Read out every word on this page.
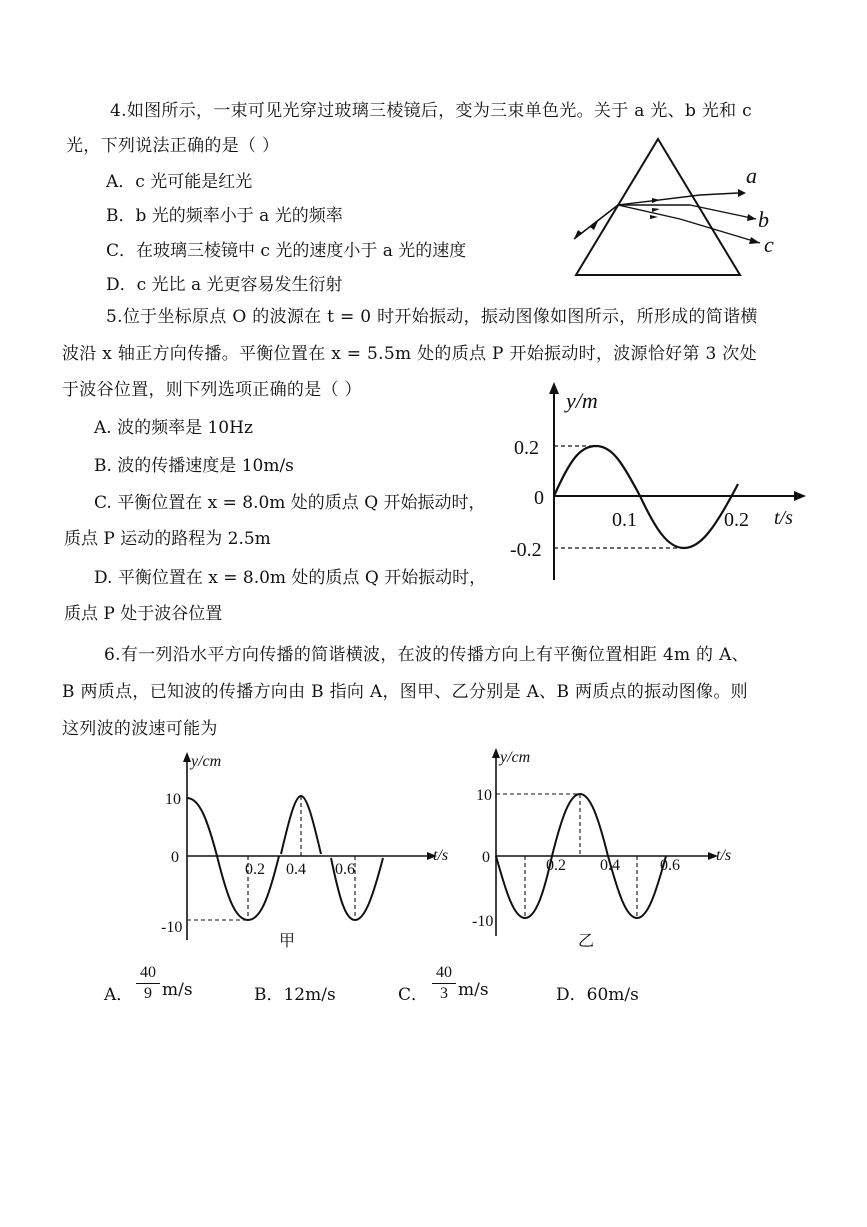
4.如图所示，一束可见光穿过玻璃三棱镜后，变为三束单色光。关于 a 光、b 光和 c
光，下列说法正确的是（ ）
A．c 光可能是红光
B．b 光的频率小于 a 光的频率
C．在玻璃三棱镜中 c 光的速度小于 a 光的速度
D．c 光比 a 光更容易发生衍射
a
b
c
5.位于坐标原点 O 的波源在 t = 0 时开始振动，振动图像如图所示，所形成的简谐横
波沿 x 轴正方向传播。平衡位置在 x = 5.5m 处的质点 P 开始振动时，波源恰好第 3 次处
于波谷位置，则下列选项正确的是（ ）
A. 波的频率是 10Hz
B. 波的传播速度是 10m/s
C. 平衡位置在 x = 8.0m 处的质点 Q 开始振动时，
质点 P 运动的路程为 2.5m
D. 平衡位置在 x = 8.0m 处的质点 Q 开始振动时，
质点 P 处于波谷位置
y/m
t/s
0.2
0
-0.2
0.1	0.2
6.有一列沿水平方向传播的简谐横波，在波的传播方向上有平衡位置相距 4m 的 A、
B 两质点，已知波的传播方向由 B 指向 A，图甲、乙分别是 A、B 两质点的振动图像。则
这列波的波速可能为
y/cm
t/s
10
0
-10
0.2 0.4 0.6
甲
y/cm
t/s
10
0
-10
0.2 0.4	0.6
乙
A．
40
9 m/s	B．12m/s	C．
40
3 m/s	D．60m/s
